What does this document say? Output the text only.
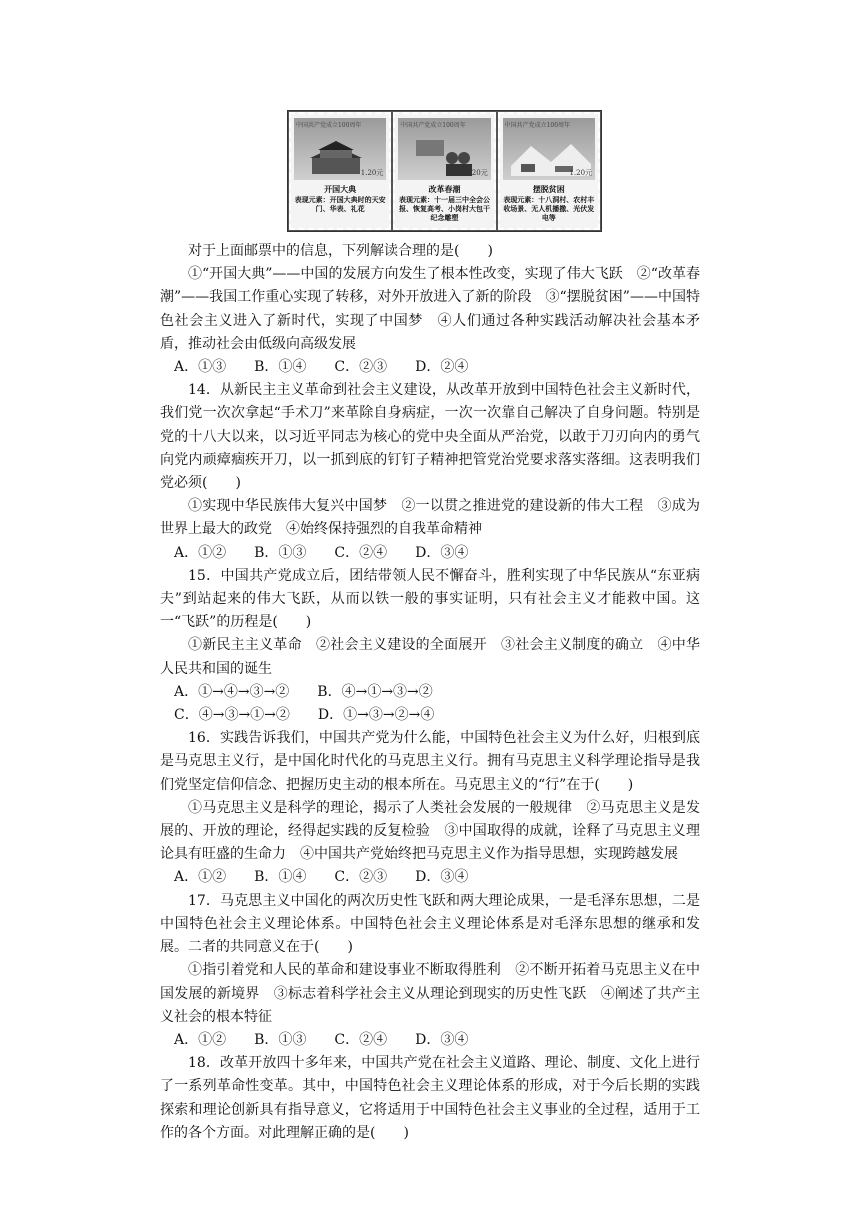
中国共产党成立100周年
1.20元
开国大典
表现元素：开国大典时的天安门、华表、礼花
中国共产党成立100周年
1.20元
改革春潮
表现元素：十一届三中全会公报、恢复高考、小岗村大包干纪念雕塑
中国共产党成立100周年
1.20元
摆脱贫困
表现元素：十八洞村、农村丰收场景、无人机播撒、光伏发电等

对于上面邮票中的信息，下列解读合理的是(　　)

①“开国大典”——中国的发展方向发生了根本性改变，实现了伟大飞跃　②“改革春潮”——我国工作重心实现了转移，对外开放进入了新的阶段　③“摆脱贫困”——中国特色社会主义进入了新时代，实现了中国梦　④人们通过各种实践活动解决社会基本矛盾，推动社会由低级向高级发展

A．①③　　B．①④　　C．②③　　D．②④

14．从新民主主义革命到社会主义建设，从改革开放到中国特色社会主义新时代，我们党一次次拿起“手术刀”来革除自身病症，一次一次靠自己解决了自身问题。特别是党的十八大以来，以习近平同志为核心的党中央全面从严治党，以敢于刀刃向内的勇气向党内顽瘴痼疾开刀，以一抓到底的钉钉子精神把管党治党要求落实落细。这表明我们党必须(　　)

①实现中华民族伟大复兴中国梦　②一以贯之推进党的建设新的伟大工程　③成为世界上最大的政党　④始终保持强烈的自我革命精神

A．①②　　B．①③　　C．②④　　D．③④

15．中国共产党成立后，团结带领人民不懈奋斗，胜利实现了中华民族从“东亚病夫”到站起来的伟大飞跃，从而以铁一般的事实证明，只有社会主义才能救中国。这一“飞跃”的历程是(　　)

①新民主主义革命　②社会主义建设的全面展开　③社会主义制度的确立　④中华人民共和国的诞生

A．①→④→③→②　　B．④→①→③→②

C．④→③→①→②　　D．①→③→②→④

16．实践告诉我们，中国共产党为什么能，中国特色社会主义为什么好，归根到底是马克思主义行，是中国化时代化的马克思主义行。拥有马克思主义科学理论指导是我们党坚定信仰信念、把握历史主动的根本所在。马克思主义的“行”在于(　　)

①马克思主义是科学的理论，揭示了人类社会发展的一般规律　②马克思主义是发展的、开放的理论，经得起实践的反复检验　③中国取得的成就，诠释了马克思主义理论具有旺盛的生命力　④中国共产党始终把马克思主义作为指导思想，实现跨越发展

A．①②　　B．①④　　C．②③　　D．③④

17．马克思主义中国化的两次历史性飞跃和两大理论成果，一是毛泽东思想，二是中国特色社会主义理论体系。中国特色社会主义理论体系是对毛泽东思想的继承和发展。二者的共同意义在于(　　)

①指引着党和人民的革命和建设事业不断取得胜利　②不断开拓着马克思主义在中国发展的新境界　③标志着科学社会主义从理论到现实的历史性飞跃　④阐述了共产主义社会的根本特征

A．①②　　B．①③　　C．②④　　D．③④

18．改革开放四十多年来，中国共产党在社会主义道路、理论、制度、文化上进行了一系列革命性变革。其中，中国特色社会主义理论体系的形成，对于今后长期的实践探索和理论创新具有指导意义，它将适用于中国特色社会主义事业的全过程，适用于工作的各个方面。对此理解正确的是(　　)
